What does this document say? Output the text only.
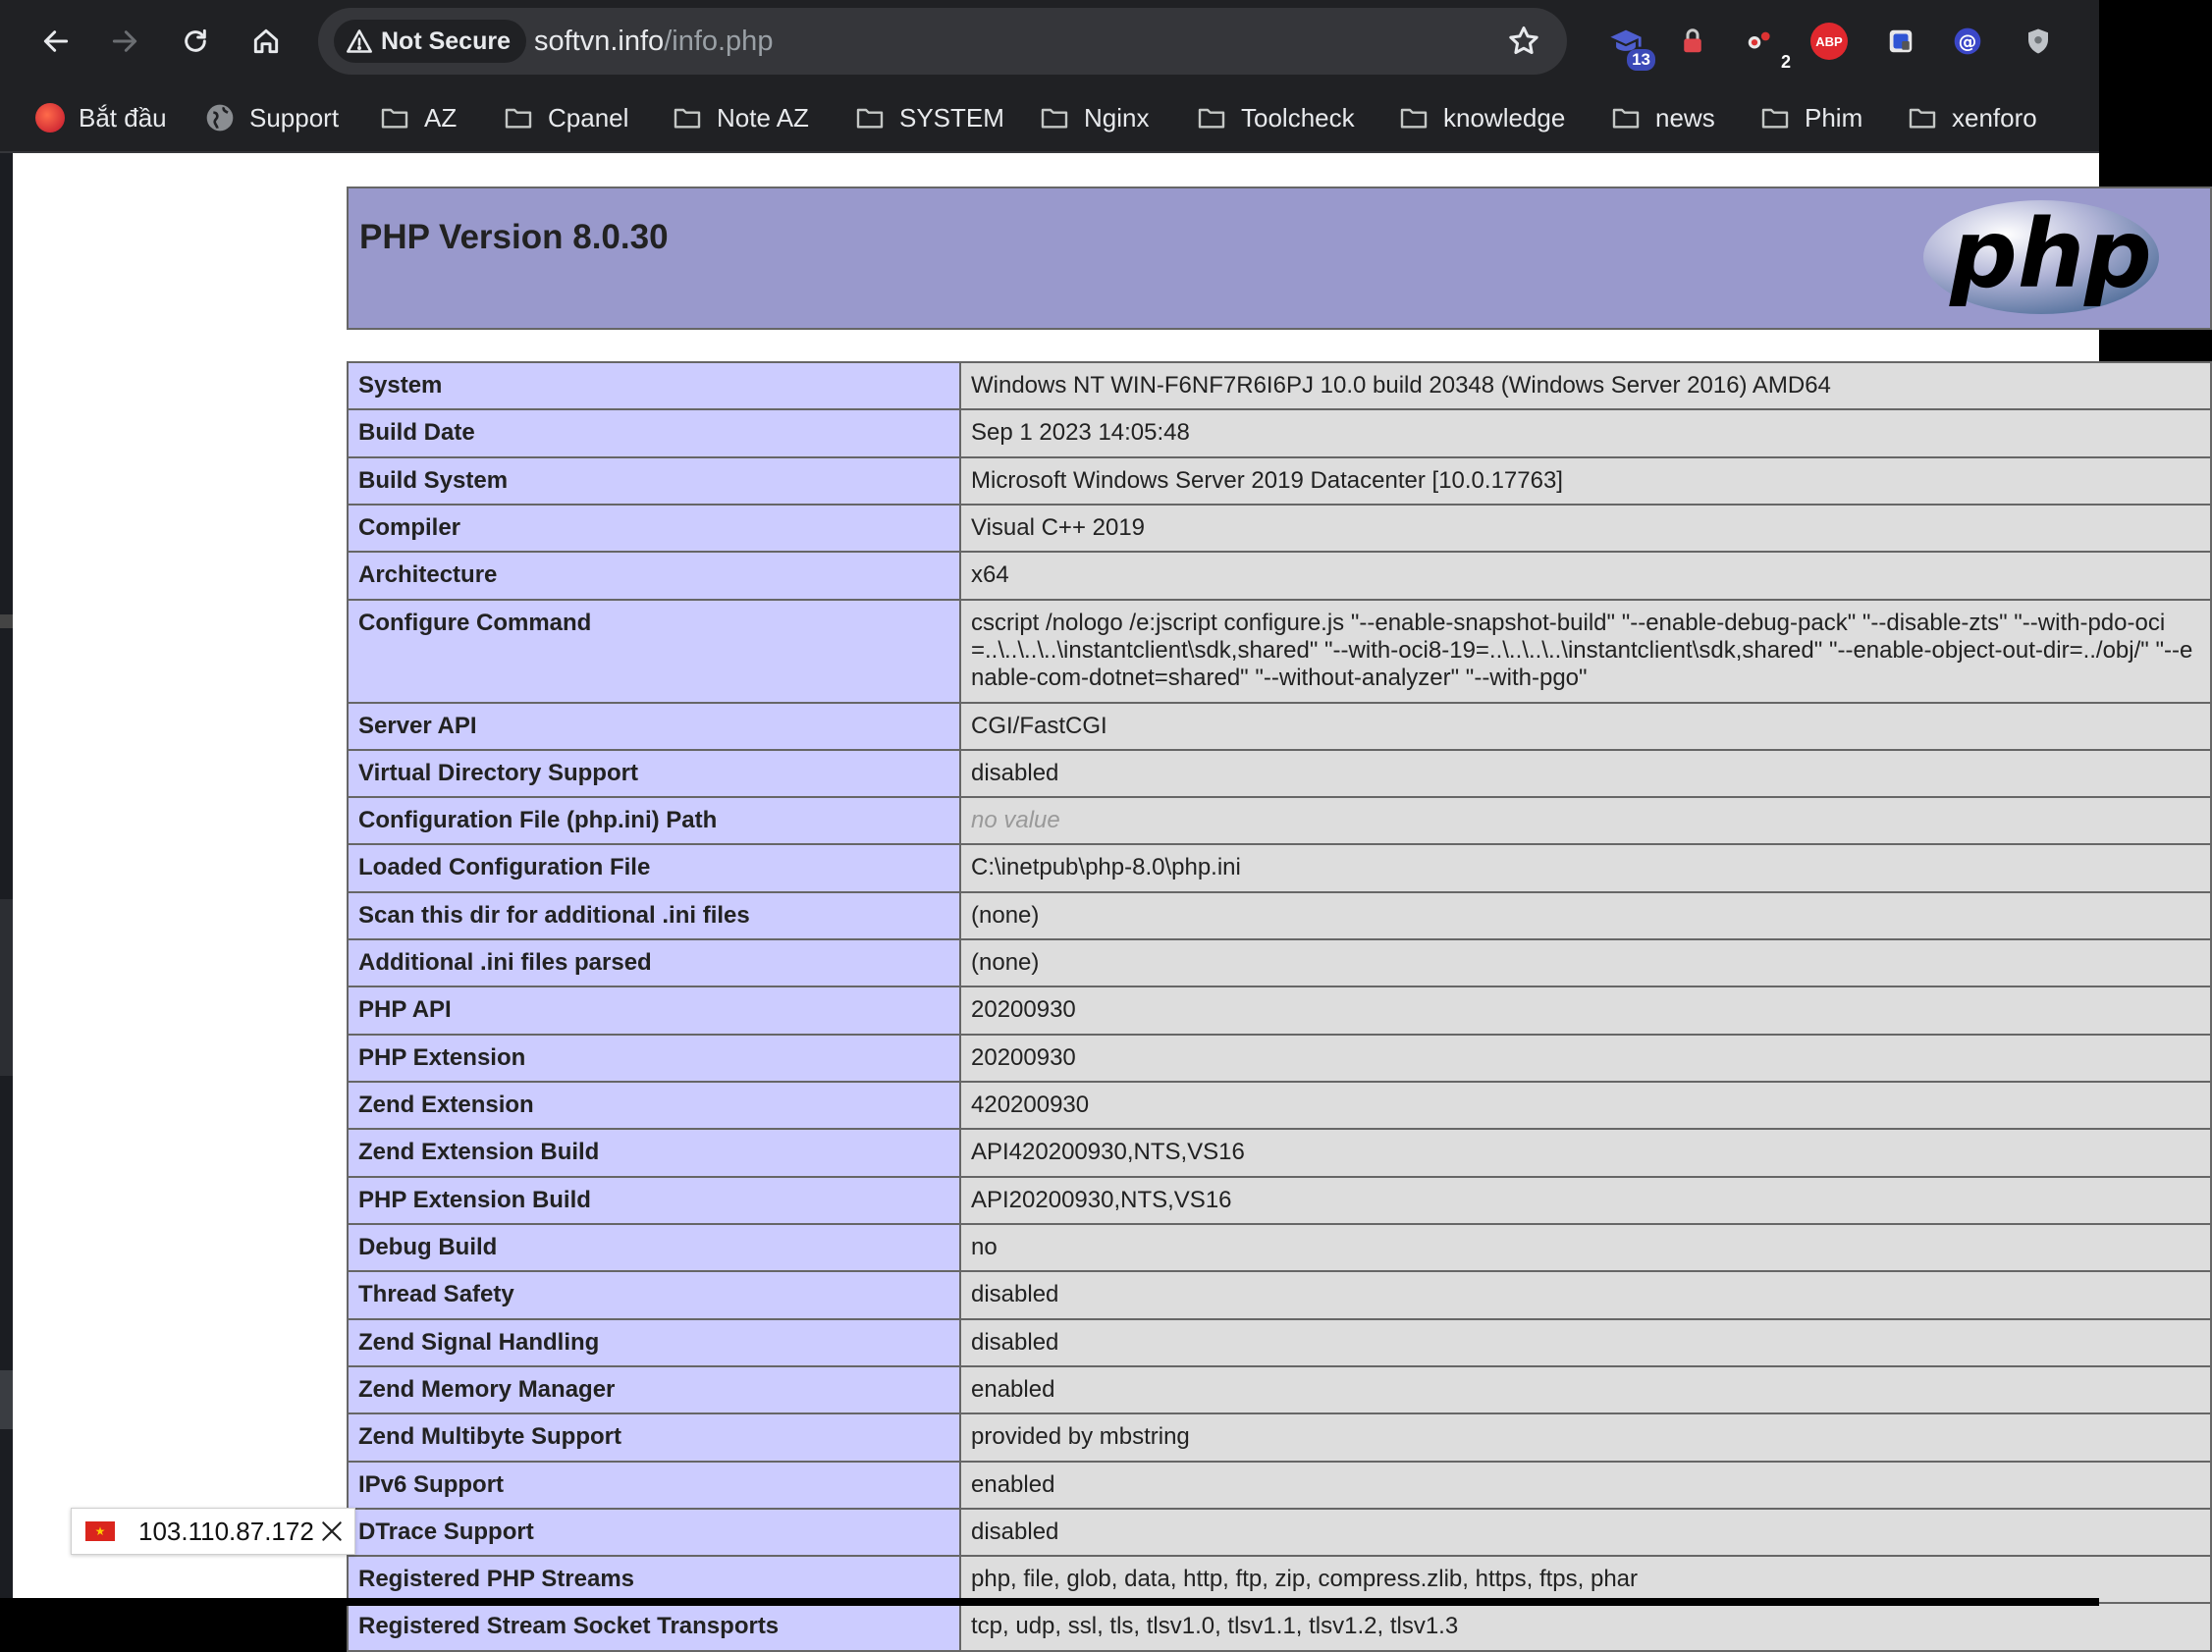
Not Secure softvn.info/info.php
13	2
ABP	@
Bắt đầu	Support	AZ	Cpanel	Note AZ	SYSTEM	Nginx	Toolcheck	knowledge	news	Phim	xenforo
PHP Version 8.0.30	php
System	Windows NT WIN-F6NF7R6I6PJ 10.0 build 20348 (Windows Server 2016) AMD64
Build Date	Sep 1 2023 14:05:48
Build System	Microsoft Windows Server 2019 Datacenter [10.0.17763]
Compiler	Visual C++ 2019
Architecture	x64
Configure Command	cscript /nologo /e:jscript configure.js "--enable-snapshot-build" "--enable-debug-pack" "--disable-zts" "--with-pdo-oci=..\..\..\..\instantclient\sdk,shared" "--with-oci8-19=..\..\..\..\instantclient\sdk,shared" "--enable-object-out-dir=../obj/" "--enable-com-dotnet=shared" "--without-analyzer" "--with-pgo"
Server API	CGI/FastCGI
Virtual Directory Support	disabled
Configuration File (php.ini) Path	no value
Loaded Configuration File	C:\inetpub\php-8.0\php.ini
Scan this dir for additional .ini files	(none)
Additional .ini files parsed	(none)
PHP API	20200930
PHP Extension	20200930
Zend Extension	420200930
Zend Extension Build	API420200930,NTS,VS16
PHP Extension Build	API20200930,NTS,VS16
Debug Build	no
Thread Safety	disabled
Zend Signal Handling	disabled
Zend Memory Manager	enabled
Zend Multibyte Support	provided by mbstring
IPv6 Support	enabled
DTrace Support	disabled
Registered PHP Streams	php, file, glob, data, http, ftp, zip, compress.zlib, https, ftps, phar
Registered Stream Socket Transports	tcp, udp, ssl, tls, tlsv1.0, tlsv1.1, tlsv1.2, tlsv1.3
★	103.110.87.172
